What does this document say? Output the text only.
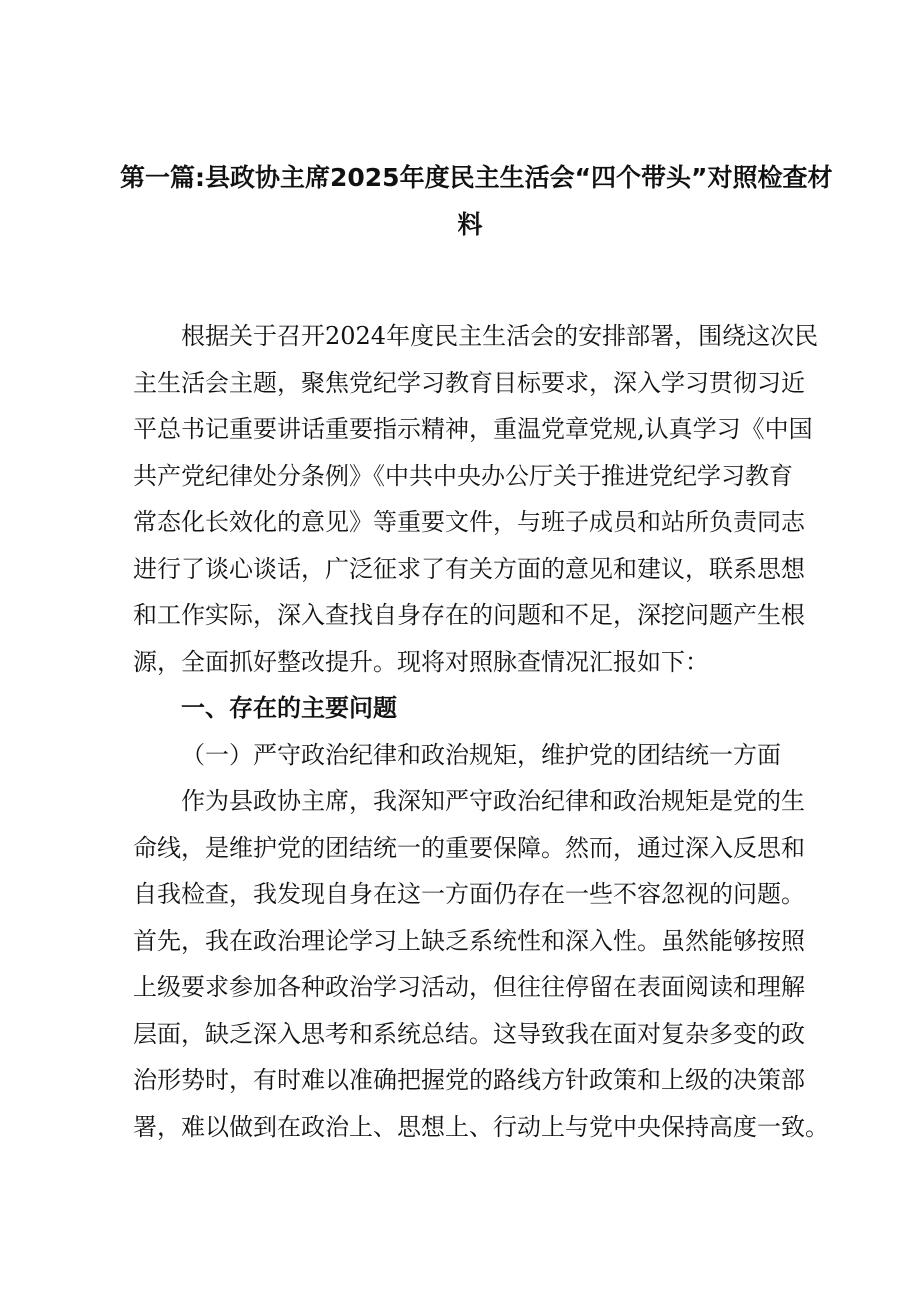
第一篇:县政协主席2025年度民主生活会“四个带头”对照检查材
料
根据关于召开2024年度民主生活会的安排部署，围绕这次民
主生活会主题，聚焦党纪学习教育目标要求，深入学习贯彻习近
平总书记重要讲话重要指示精神，重温党章党规,认真学习《中国
共产党纪律处分条例》《中共中央办公厅关于推进党纪学习教育
常态化长效化的意见》等重要文件，与班子成员和站所负责同志
进行了谈心谈话，广泛征求了有关方面的意见和建议，联系思想
和工作实际，深入查找自身存在的问题和不足，深挖问题产生根
源，全面抓好整改提升。现将对照脉查情况汇报如下：
一、存在的主要问题
（一）严守政治纪律和政治规矩，维护党的团结统一方面
作为县政协主席，我深知严守政治纪律和政治规矩是党的生
命线，是维护党的团结统一的重要保障。然而，通过深入反思和
自我检查，我发现自身在这一方面仍存在一些不容忽视的问题。
首先，我在政治理论学习上缺乏系统性和深入性。虽然能够按照
上级要求参加各种政治学习活动，但往往停留在表面阅读和理解
层面，缺乏深入思考和系统总结。这导致我在面对复杂多变的政
治形势时，有时难以准确把握党的路线方针政策和上级的决策部
署，难以做到在政治上、思想上、行动上与党中央保持高度一致。
